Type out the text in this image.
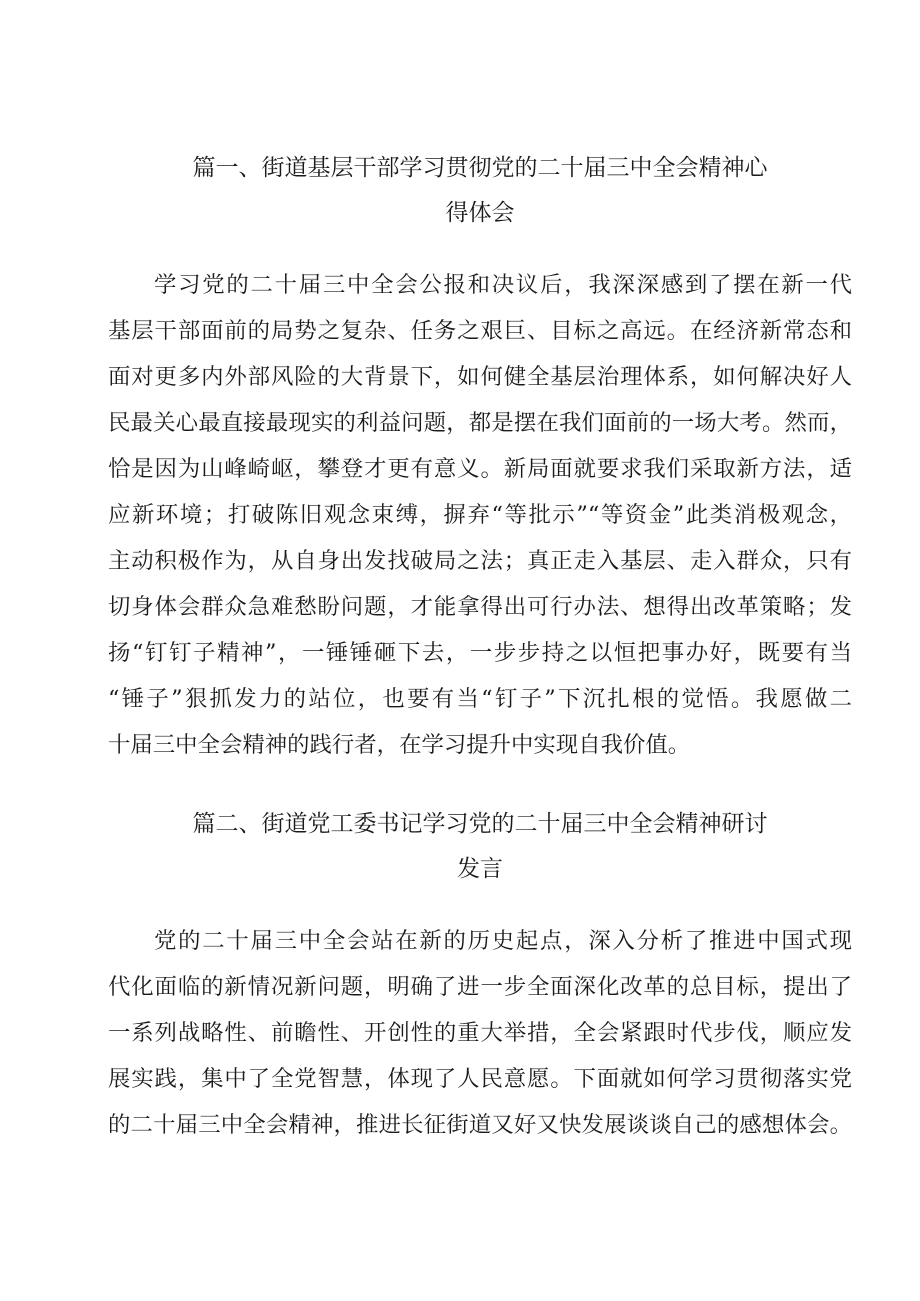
篇一、街道基层干部学习贯彻党的二十届三中全会精神心
得体会
学习党的二十届三中全会公报和决议后，我深深感到了摆在新一代
基层干部面前的局势之复杂、任务之艰巨、目标之高远。在经济新常态和
面对更多内外部风险的大背景下，如何健全基层治理体系，如何解决好人
民最关心最直接最现实的利益问题，都是摆在我们面前的一场大考。然而，
恰是因为山峰崎岖，攀登才更有意义。新局面就要求我们采取新方法，适
应新环境；打破陈旧观念束缚，摒弃“等批示”“等资金”此类消极观念，
主动积极作为，从自身出发找破局之法；真正走入基层、走入群众，只有
切身体会群众急难愁盼问题，才能拿得出可行办法、想得出改革策略；发
扬“钉钉子精神”，一锤锤砸下去，一步步持之以恒把事办好，既要有当
“锤子”狠抓发力的站位，也要有当“钉子”下沉扎根的觉悟。我愿做二
十届三中全会精神的践行者，在学习提升中实现自我价值。
篇二、街道党工委书记学习党的二十届三中全会精神研讨
发言
党的二十届三中全会站在新的历史起点，深入分析了推进中国式现
代化面临的新情况新问题，明确了进一步全面深化改革的总目标，提出了
一系列战略性、前瞻性、开创性的重大举措，全会紧跟时代步伐，顺应发
展实践，集中了全党智慧，体现了人民意愿。下面就如何学习贯彻落实党
的二十届三中全会精神，推进长征街道又好又快发展谈谈自己的感想体会。
